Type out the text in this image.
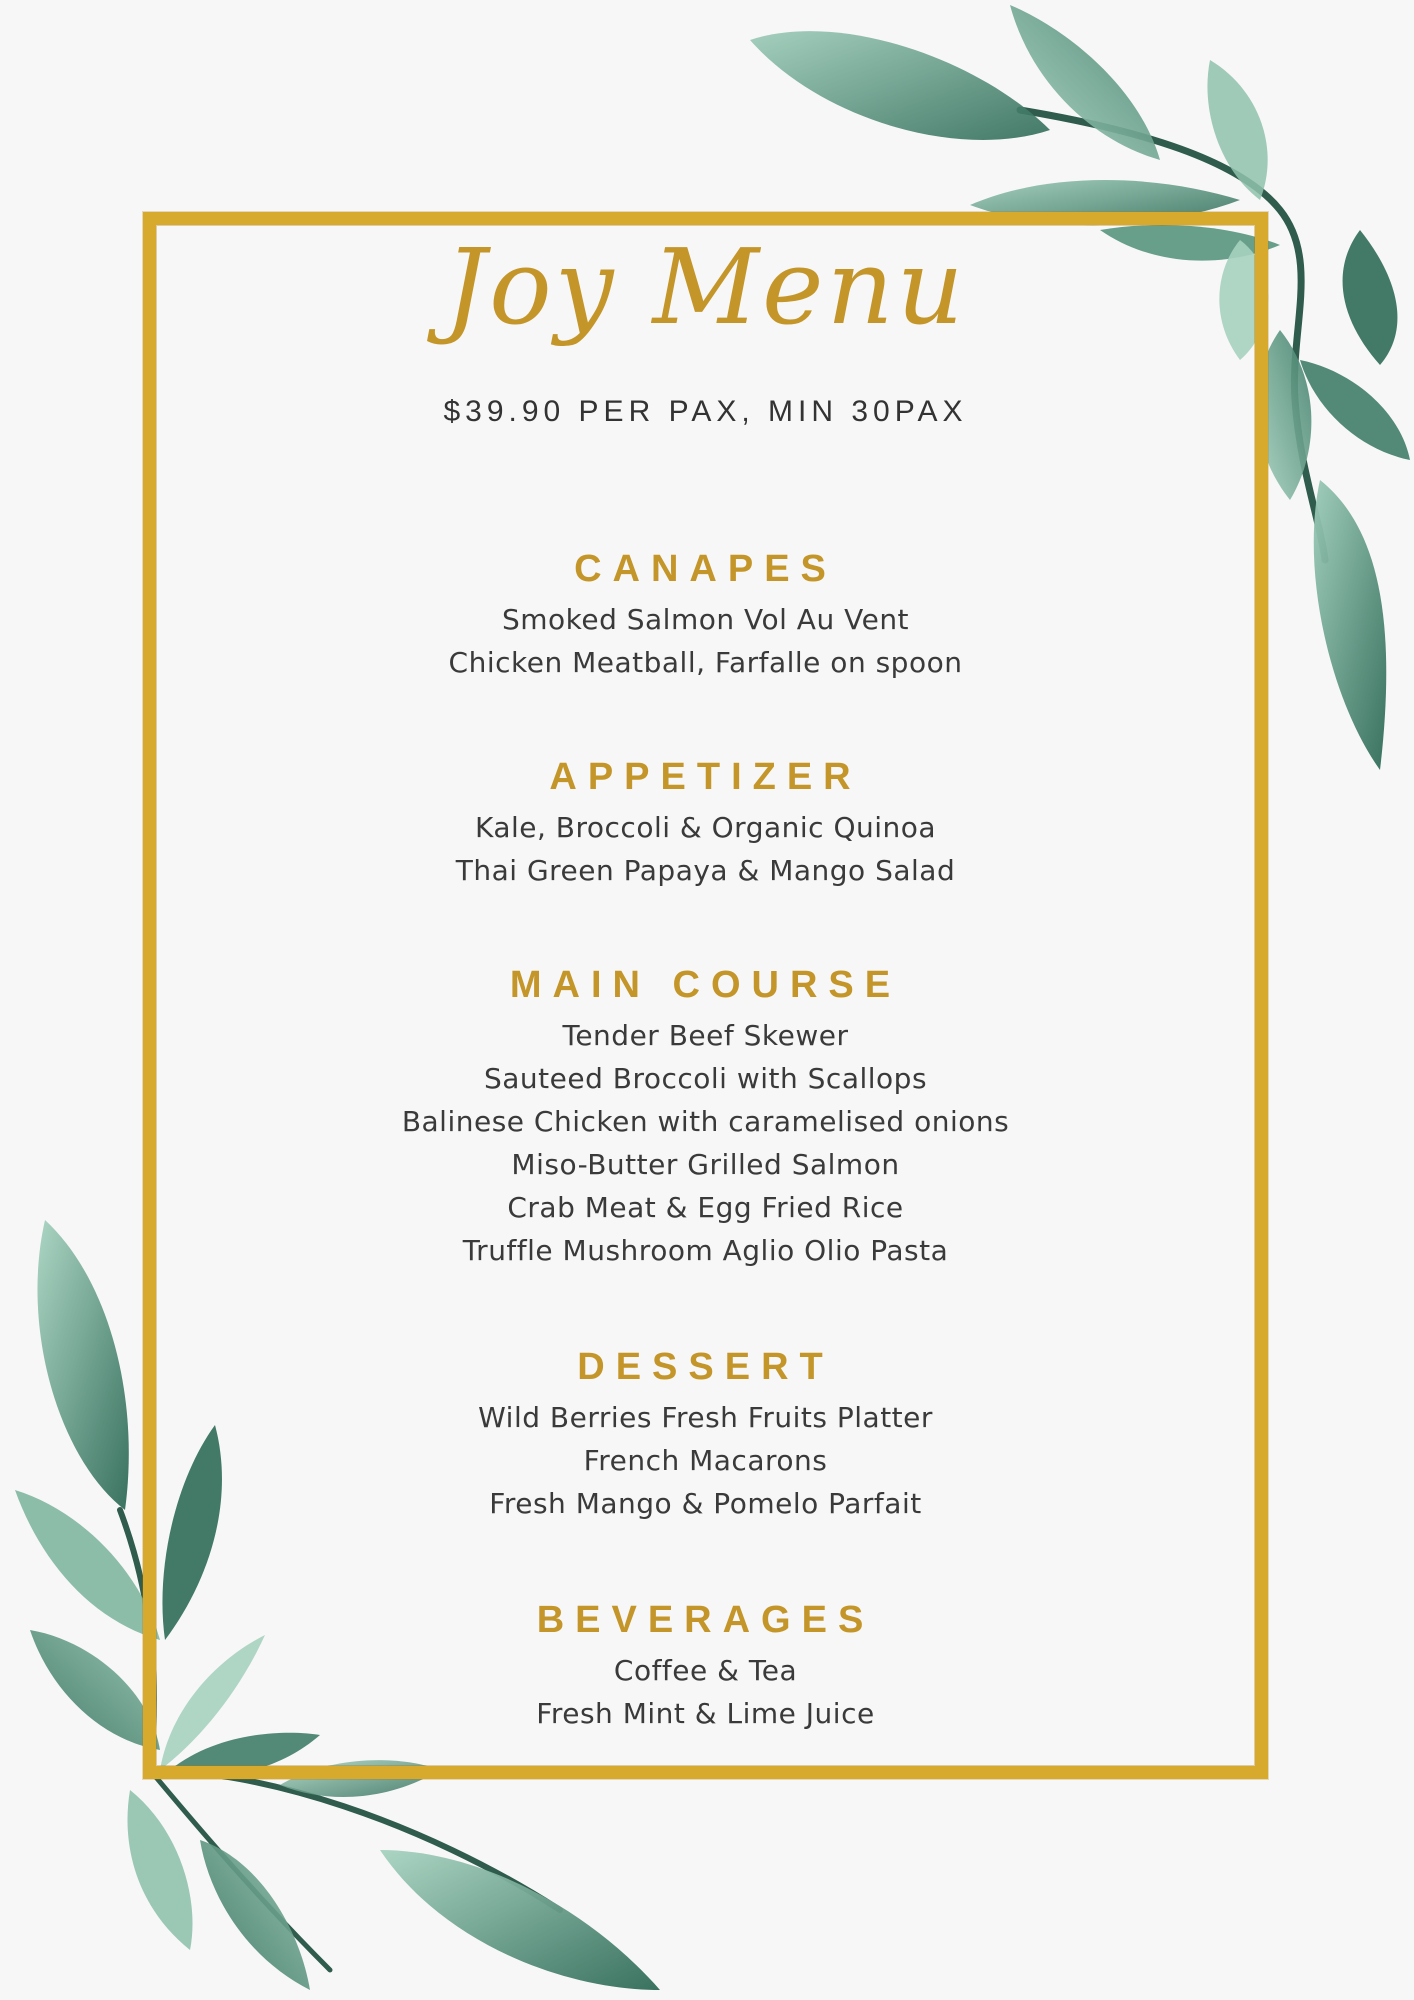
Joy Menu
$39.90 PER PAX, MIN 30PAX
CANAPES
Smoked Salmon Vol Au Vent
Chicken Meatball, Farfalle on spoon
APPETIZER
Kale, Broccoli & Organic Quinoa
Thai Green Papaya & Mango Salad
MAIN COURSE
Tender Beef Skewer
Sauteed Broccoli with Scallops
Balinese Chicken with caramelised onions
Miso-Butter Grilled Salmon
Crab Meat & Egg Fried Rice
Truffle Mushroom Aglio Olio Pasta
DESSERT
Wild Berries Fresh Fruits Platter
French Macarons
Fresh Mango & Pomelo Parfait
BEVERAGES
Coffee & Tea
Fresh Mint & Lime Juice
